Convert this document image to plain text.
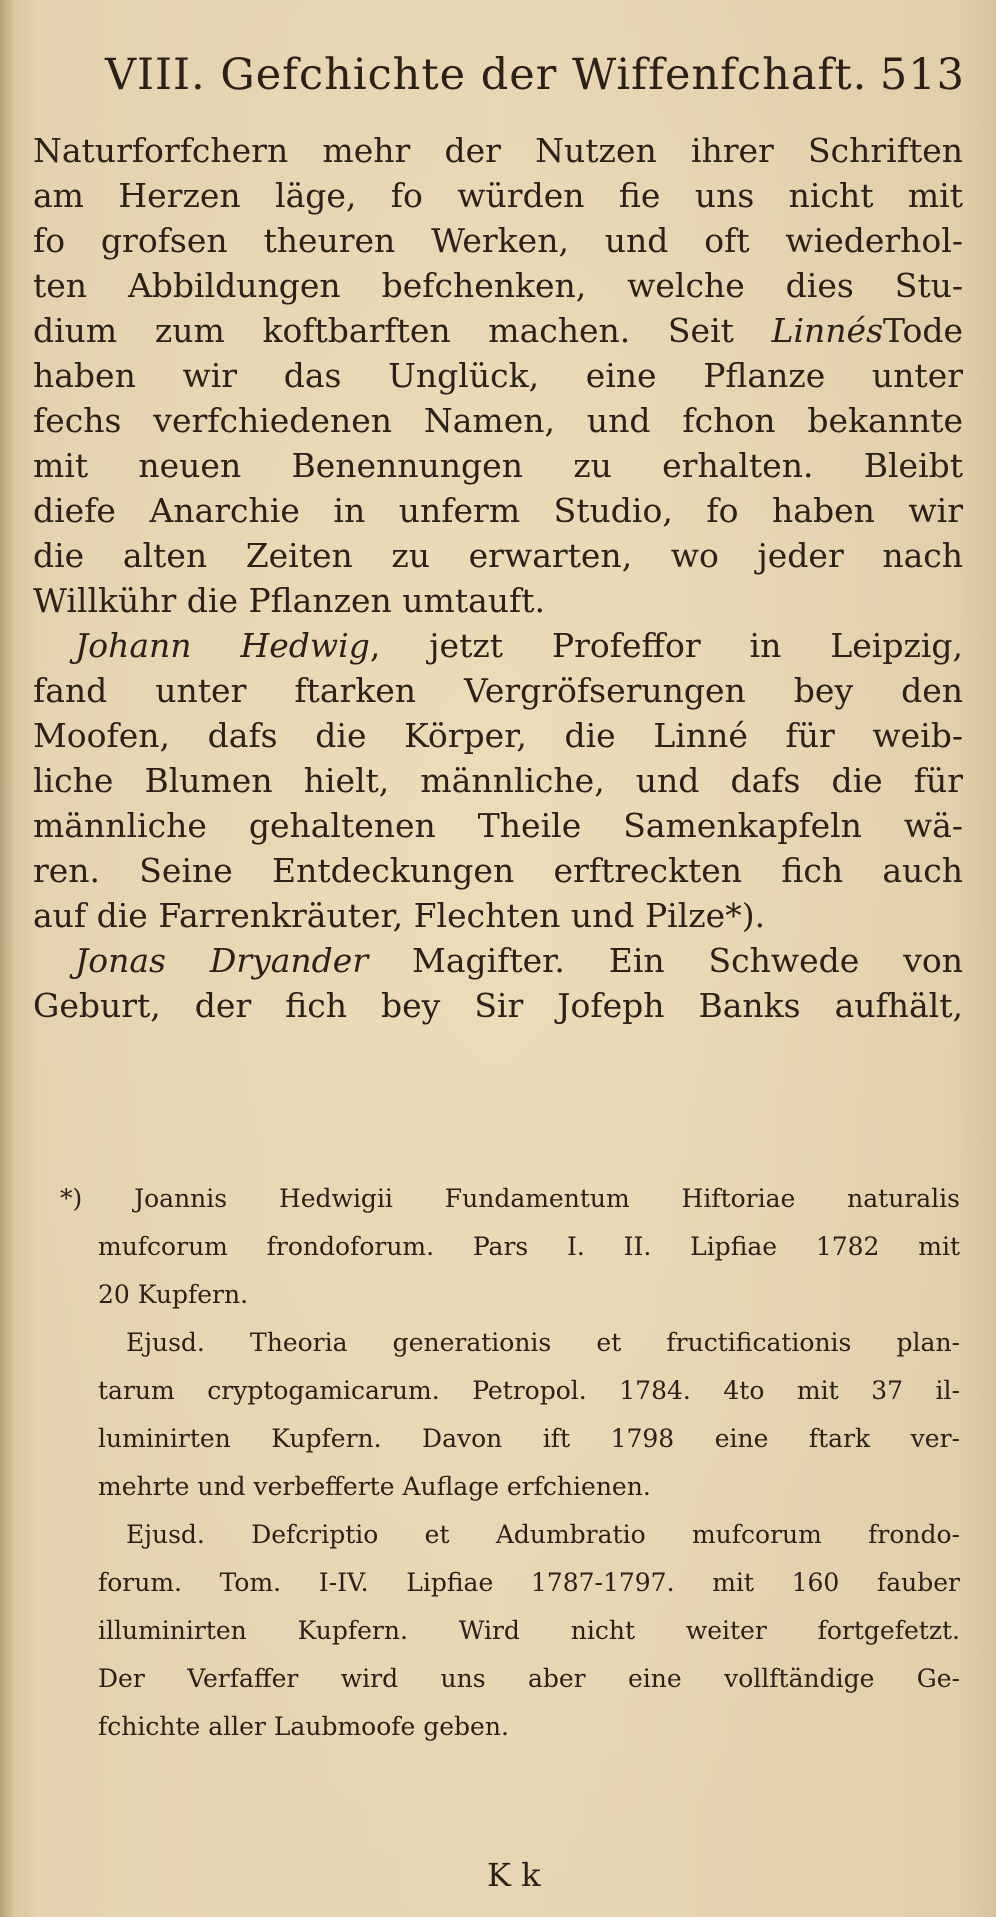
VIII. Gefchichte der Wiffenfchaft. 513
Naturforfchern mehr der Nutzen ihrer Schriften
am Herzen läge, fo würden fie uns nicht mit
fo grofsen theuren Werken, und oft wiederhol-
ten Abbildungen befchenken, welche dies Stu-
dium zum koftbarften machen. Seit LinnésTode
haben wir das Unglück, eine Pflanze unter
fechs verfchiedenen Namen, und fchon bekannte
mit neuen Benennungen zu erhalten. Bleibt
diefe Anarchie in unferm Studio, fo haben wir
die alten Zeiten zu erwarten, wo jeder nach
Willkühr die Pflanzen umtauft.
Johann Hedwig, jetzt Profeffor in Leipzig,
fand unter ftarken Vergröfserungen bey den
Moofen, dafs die Körper, die Linné für weib-
liche Blumen hielt, männliche, und dafs die für
männliche gehaltenen Theile Samenkapfeln wä-
ren. Seine Entdeckungen erftreckten fich auch
auf die Farrenkräuter, Flechten und Pilze*).
Jonas Dryander Magifter. Ein Schwede von
Geburt, der fich bey Sir Jofeph Banks aufhält,
*) Joannis Hedwigii Fundamentum Hiftoriae naturalis
mufcorum frondoforum. Pars I. II. Lipfiae 1782 mit
20 Kupfern.
Ejusd. Theoria generationis et fructificationis plan-
tarum cryptogamicarum. Petropol. 1784. 4to mit 37 il-
luminirten Kupfern. Davon ift 1798 eine ftark ver-
mehrte und verbefferte Auflage erfchienen.
Ejusd. Defcriptio et Adumbratio mufcorum frondo-
forum. Tom. I-IV. Lipfiae 1787-1797. mit 160 fauber
illuminirten Kupfern. Wird nicht weiter fortgefetzt.
Der Verfaffer wird uns aber eine vollftändige Ge-
fchichte aller Laubmoofe geben.
K k
